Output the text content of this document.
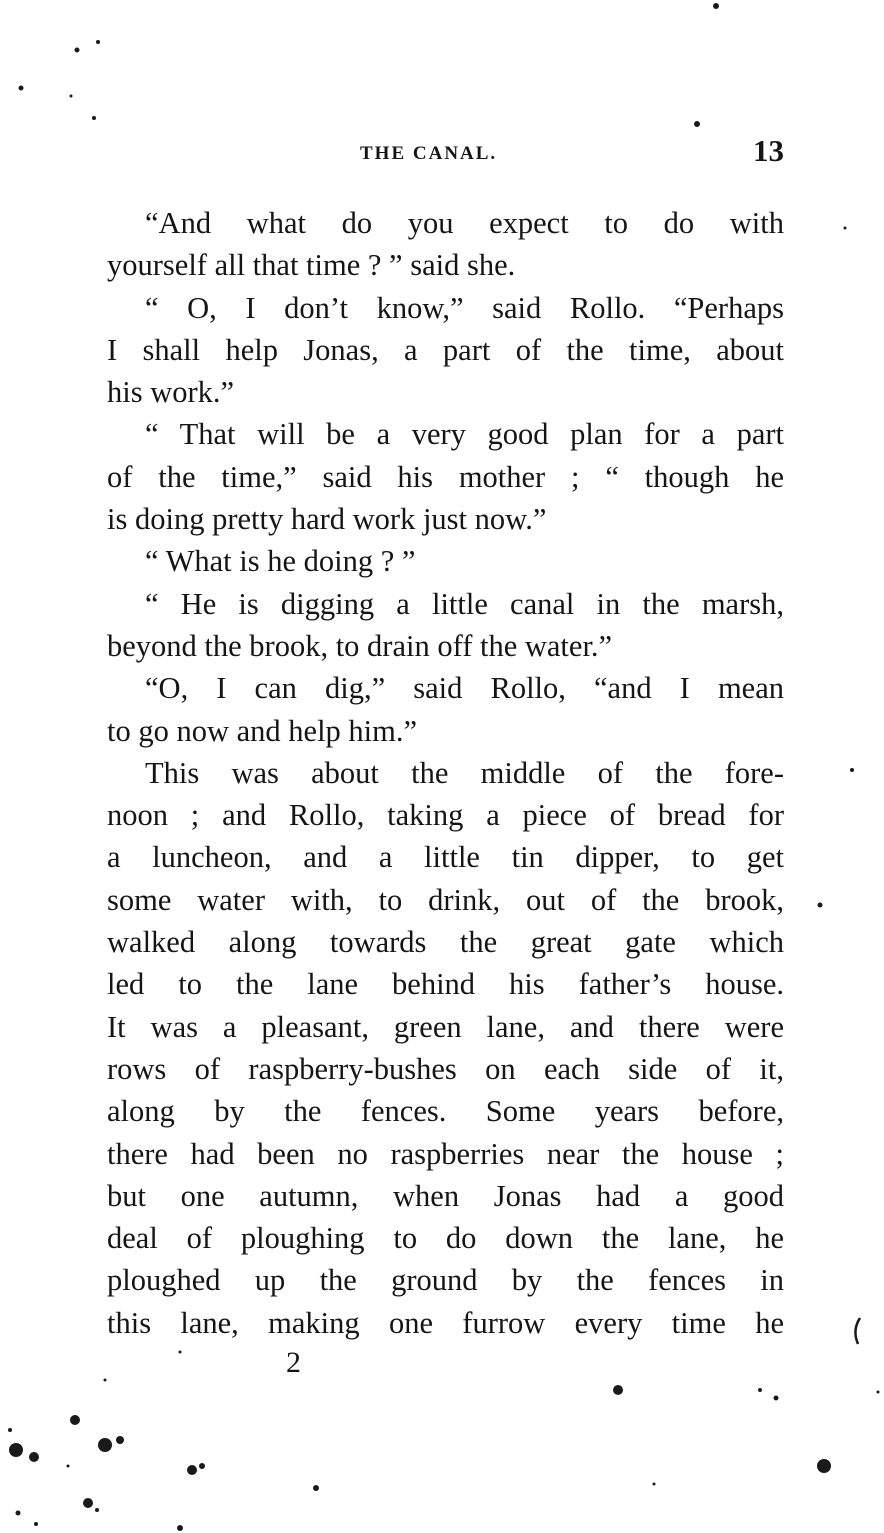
THE CANAL.	13
“And what do you expect to do with
yourself all that time ? ” said she.
“ O, I don’t know,” said Rollo. “Perhaps
I shall help Jonas, a part of the time, about
his work.”
“ That will be a very good plan for a part
of the time,” said his mother ; “ though he
is doing pretty hard work just now.”
“ What is he doing ? ”
“ He is digging a little canal in the marsh,
beyond the brook, to drain off the water.”
“O, I can dig,” said Rollo, “and I mean
to go now and help him.”
This was about the middle of the fore-
noon ; and Rollo, taking a piece of bread for
a luncheon, and a little tin dipper, to get
some water with, to drink, out of the brook,
walked along towards the great gate which
led to the lane behind his father’s house.
It was a pleasant, green lane, and there were
rows of raspberry-bushes on each side of it,
along by the fences. Some years before,
there had been no raspberries near the house ;
but one autumn, when Jonas had a good
deal of ploughing to do down the lane, he
ploughed up the ground by the fences in
this lane, making one furrow every time he
2
